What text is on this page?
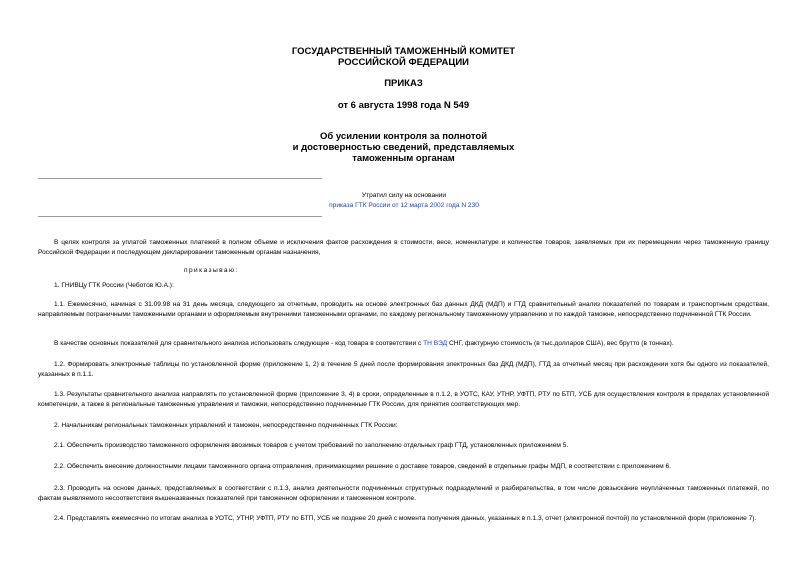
ГОСУДАРСТВЕННЫЙ ТАМОЖЕННЫЙ КОМИТЕТ
РОССИЙСКОЙ ФЕДЕРАЦИИ
ПРИКАЗ
от 6 августа 1998 года N 549
Об усилении контроля за полнотой
и достоверностью сведений, представляемых
таможенным органам
Утратил силу на основании
приказа ГТК России от 12 марта 2002 года N 230
В целях контроля за уплатой таможенных платежей в полном объеме и исключения фактов расхождения в стоимости, весе, номенклатуре и количестве товаров, заявляемых при их перемещении через таможенную границу Российской Федерации и последующем декларировании таможенным органам назначения,
приказываю:
1. ГНИВЦу ГТК России (Чеботов Ю.А.):
1.1. Ежемесячно, начиная с 31.09.98 на 31 день месяца, следующего за отчетным, проводить на основе электронных баз данных ДКД (МДП) и ГТД сравнительный анализ показателей по товарам и транспортным средствам, направляемым пограничными таможенными органами и оформляемым внутренними таможенными органами, по каждому региональному таможенному управлению и по каждой таможне, непосредственно подчиненной ГТК России.
В качестве основных показателей для сравнительного анализа использовать следующие - код товара в соответствии с ТН ВЭД СНГ, фактурную стоимость (в тыс.долларов США), вес брутто (в тоннах).
1.2. Формировать электронные таблицы по установленной форме (приложение 1, 2) в течение 5 дней после формирования электронных баз ДКД (МДП), ГТД за отчетный месяц при расхождении хотя бы одного из показателей, указанных в п.1.1.
1.3. Результаты сравнительного анализа направлять по установленной форме (приложение 3, 4) в сроки, определенные в п.1.2, в УОТС, КАУ, УТНР, УФТП, РТУ по БТП, УСБ для осуществления контроля в пределах установленной компетенции, а также в региональные таможенные управления и таможни, непосредственно подчиненные ГТК России, для принятия соответствующих мер.
2. Начальникам региональных таможенных управлений и таможен, непосредственно подчиненных ГТК России:
2.1. Обеспечить производство таможенного оформления ввозимых товаров с учетом требований по заполнению отдельных граф ГТД, установленных приложением 5.
2.2. Обеспечить внесение должностными лицами таможенного органа отправления, принимающими решение о доставке товаров, сведений в отдельные графы МДП, в соответствии с приложением 6.
2.3. Проводить на основе данных, представляемых в соответствии с п.1.3, анализ деятельности подчиненных структурных подразделений и разбирательства, в том числе довзыскание неуплаченных таможенных платежей, по фактам выявляемого несоответствия вышеназванных показателей при таможенном оформлении и таможенном контроле.
2.4. Представлять ежемесячно по итогам анализа в УОТС, УТНР, УФТП, РТУ по БТП, УСБ не позднее 20 дней с момента получения данных, указанных в п.1.3, отчет (электронной почтой) по установленной форм (приложение 7).
